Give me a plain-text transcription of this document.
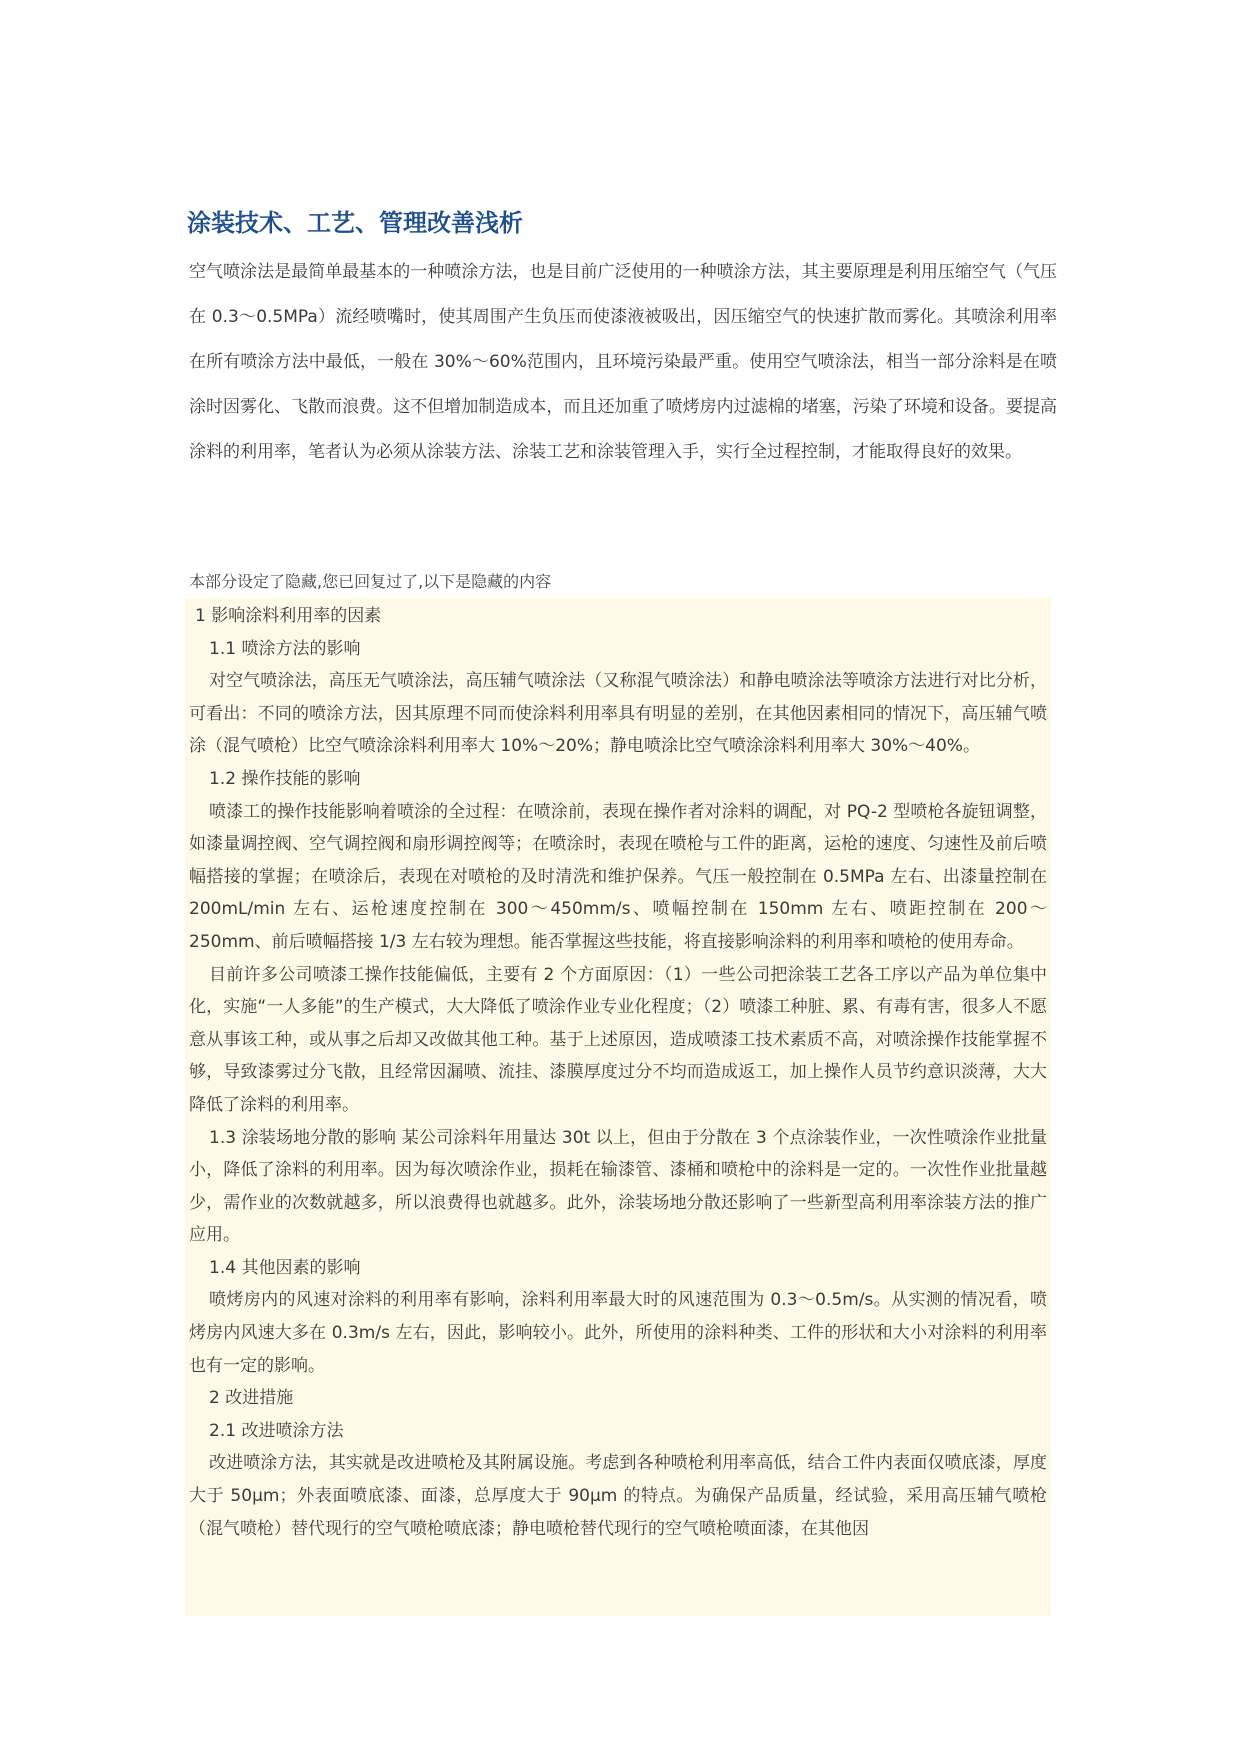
涂装技术、工艺、管理改善浅析

空气喷涂法是最简单最基本的一种喷涂方法，也是目前广泛使用的一种喷涂方法，其主要原理是利用压缩空气（气压在 0.3～0.5MPa）流经喷嘴时，使其周围产生负压而使漆液被吸出，因压缩空气的快速扩散而雾化。其喷涂利用率在所有喷涂方法中最低，一般在 30%～60%范围内，且环境污染最严重。使用空气喷涂法，相当一部分涂料是在喷涂时因雾化、飞散而浪费。这不但增加制造成本，而且还加重了喷烤房内过滤棉的堵塞，污染了环境和设备。要提高涂料的利用率，笔者认为必须从涂装方法、涂装工艺和涂装管理入手，实行全过程控制，才能取得良好的效果。

本部分设定了隐藏,您已回复过了,以下是隐藏的内容

1 影响涂料利用率的因素

1.1 喷涂方法的影响

对空气喷涂法，高压无气喷涂法，高压辅气喷涂法（又称混气喷涂法）和静电喷涂法等喷涂方法进行对比分析，可看出：不同的喷涂方法，因其原理不同而使涂料利用率具有明显的差别，在其他因素相同的情况下，高压辅气喷涂（混气喷枪）比空气喷涂涂料利用率大 10%～20%；静电喷涂比空气喷涂涂料利用率大 30%～40%。

1.2 操作技能的影响

喷漆工的操作技能影响着喷涂的全过程：在喷涂前，表现在操作者对涂料的调配，对 PQ-2 型喷枪各旋钮调整，如漆量调控阀、空气调控阀和扇形调控阀等；在喷涂时，表现在喷枪与工件的距离，运枪的速度、匀速性及前后喷幅搭接的掌握；在喷涂后，表现在对喷枪的及时清洗和维护保养。气压一般控制在 0.5MPa 左右、出漆量控制在 200mL/min 左右、运枪速度控制在 300～450mm/s、喷幅控制在 150mm 左右、喷距控制在 200～250mm、前后喷幅搭接 1/3 左右较为理想。能否掌握这些技能，将直接影响涂料的利用率和喷枪的使用寿命。

目前许多公司喷漆工操作技能偏低，主要有 2 个方面原因：（1）一些公司把涂装工艺各工序以产品为单位集中化，实施“一人多能”的生产模式，大大降低了喷涂作业专业化程度；（2）喷漆工种脏、累、有毒有害，很多人不愿意从事该工种，或从事之后却又改做其他工种。基于上述原因，造成喷漆工技术素质不高，对喷涂操作技能掌握不够，导致漆雾过分飞散，且经常因漏喷、流挂、漆膜厚度过分不均而造成返工，加上操作人员节约意识淡薄，大大降低了涂料的利用率。

1.3 涂装场地分散的影响 某公司涂料年用量达 30t 以上，但由于分散在 3 个点涂装作业，一次性喷涂作业批量小，降低了涂料的利用率。因为每次喷涂作业，损耗在输漆管、漆桶和喷枪中的涂料是一定的。一次性作业批量越少，需作业的次数就越多，所以浪费得也就越多。此外，涂装场地分散还影响了一些新型高利用率涂装方法的推广应用。

1.4 其他因素的影响

喷烤房内的风速对涂料的利用率有影响，涂料利用率最大时的风速范围为 0.3～0.5m/s。从实测的情况看，喷烤房内风速大多在 0.3m/s 左右，因此，影响较小。此外，所使用的涂料种类、工件的形状和大小对涂料的利用率也有一定的影响。

2 改进措施

2.1 改进喷涂方法

改进喷涂方法，其实就是改进喷枪及其附属设施。考虑到各种喷枪利用率高低，结合工件内表面仅喷底漆，厚度大于 50μm；外表面喷底漆、面漆，总厚度大于 90μm 的特点。为确保产品质量，经试验，采用高压辅气喷枪（混气喷枪）替代现行的空气喷枪喷底漆；静电喷枪替代现行的空气喷枪喷面漆，在其他因
